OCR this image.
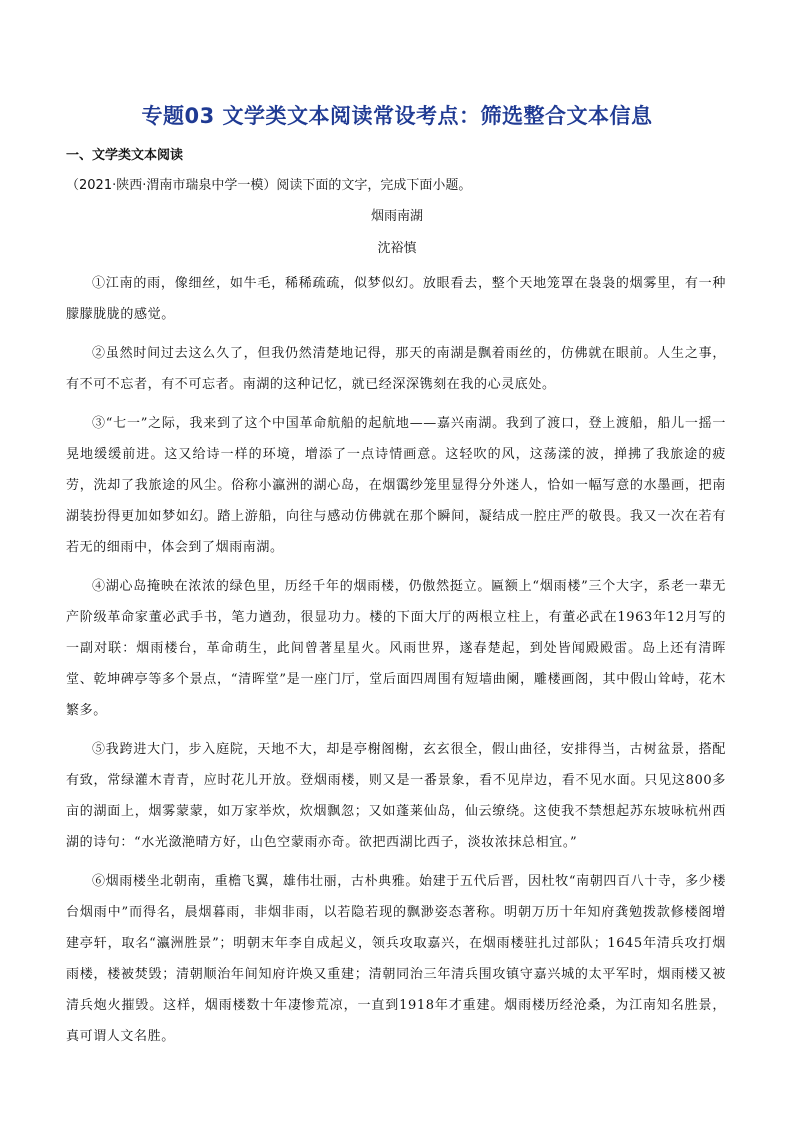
专题03 文学类文本阅读常设考点：筛选整合文本信息
一、文学类文本阅读

（2021·陕西·渭南市瑞泉中学一模）阅读下面的文字，完成下面小题。

烟雨南湖

沈裕慎

①江南的雨，像细丝，如牛毛，稀稀疏疏，似梦似幻。放眼看去，整个天地笼罩在袅袅的烟雾里，有一种朦朦胧胧的感觉。

②虽然时间过去这么久了，但我仍然清楚地记得，那天的南湖是飘着雨丝的，仿佛就在眼前。人生之事，有不可不忘者，有不可忘者。南湖的这种记忆，就已经深深镌刻在我的心灵底处。

③“七一”之际，我来到了这个中国革命航船的起航地——嘉兴南湖。我到了渡口，登上渡船，船儿一摇一晃地缓缓前进。这又给诗一样的环境，增添了一点诗情画意。这轻吹的风，这荡漾的波，掸拂了我旅途的疲劳，洗却了我旅途的风尘。俗称小瀛洲的湖心岛，在烟霭纱笼里显得分外迷人，恰如一幅写意的水墨画，把南湖装扮得更加如梦如幻。踏上游船，向往与感动仿佛就在那个瞬间，凝结成一腔庄严的敬畏。我又一次在若有若无的细雨中，体会到了烟雨南湖。

④湖心岛掩映在浓浓的绿色里，历经千年的烟雨楼，仍傲然挺立。匾额上“烟雨楼”三个大字，系老一辈无产阶级革命家董必武手书，笔力遒劲，很显功力。楼的下面大厅的两根立柱上，有董必武在1963年12月写的一副对联：烟雨楼台，革命萌生，此间曾著星星火。风雨世界，遂春楚起，到处皆闻殿殿雷。岛上还有清晖堂、乾坤碑亭等多个景点，“清晖堂”是一座门厅，堂后面四周围有短墙曲阑，雕楼画阁，其中假山耸峙，花木繁多。

⑤我跨进大门，步入庭院，天地不大，却是亭榭阁榭，玄玄很全，假山曲径，安排得当，古树盆景，搭配有致，常绿灌木青青，应时花儿开放。登烟雨楼，则又是一番景象，看不见岸边，看不见水面。只见这800多亩的湖面上，烟雾蒙蒙，如万家举炊，炊烟飘忽；又如蓬莱仙岛，仙云缭绕。这使我不禁想起苏东坡咏杭州西湖的诗句：“水光潋滟晴方好，山色空蒙雨亦奇。欲把西湖比西子，淡妆浓抹总相宜。”

⑥烟雨楼坐北朝南，重檐飞翼，雄伟壮丽，古朴典雅。始建于五代后晋，因杜牧“南朝四百八十寺，多少楼台烟雨中”而得名，晨烟暮雨，非烟非雨，以若隐若现的飘渺姿态著称。明朝万历十年知府龚勉拨款修楼阁增建亭轩，取名“瀛洲胜景”；明朝末年李自成起义，领兵攻取嘉兴，在烟雨楼驻扎过部队；1645年清兵攻打烟雨楼，楼被焚毁；清朝顺治年间知府许焕又重建；清朝同治三年清兵围攻镇守嘉兴城的太平军时，烟雨楼又被清兵炮火摧毁。这样，烟雨楼数十年凄惨荒凉，一直到1918年才重建。烟雨楼历经沧桑，为江南知名胜景，真可谓人文名胜。
